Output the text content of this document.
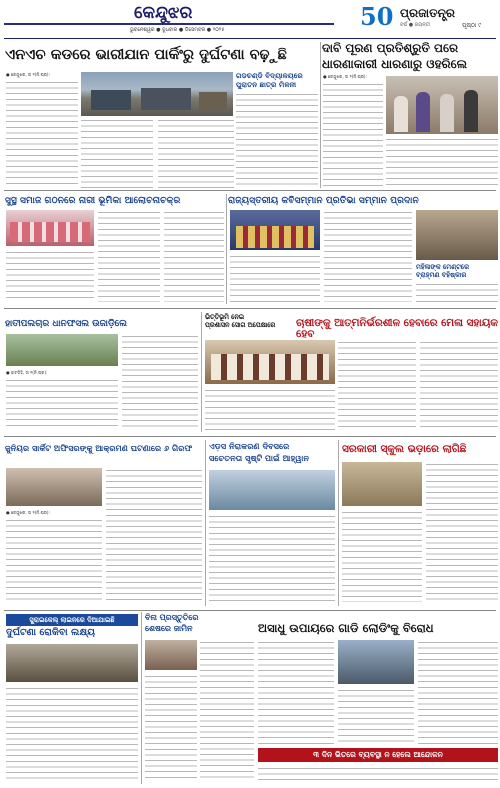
କେନ୍ଦୁଝର
ଭୁବନେଶ୍ୱର ● ବୁଧବାର ● ଡିସେମ୍ବର ● ୨୦୨୫	50 ପ୍ରଜାତନ୍ତ୍ର
ବର୍ଷ ● ଜୟନ୍ତୀ	ପୃଷ୍ଠା ୯
ଏନଏଚ କଡରେ ଭାରୀଯାନ ପାର୍କିଂରୁ ଦୁର୍ଘଟଣା ବଢ଼ୁଛି	ଦାବି ପୂରଣ ପ୍ରତିଶ୍ରୁତି ପରେ
ଧାରଣାକାରୀ ଧାରଣାରୁ ଓହରିଲେ
● କେନ୍ଦୁଝର, ତା ୨(ନି.ପ୍ର):	ଗଡଚଣ୍ଡି ବିଦ୍ୟାଳୟରେ
ପୁରାତନ ଛାତ୍ର ମିଳନୀ
● କେନ୍ଦୁଝର, ତା ୨(ନି.ପ୍ର):
ସୁସ୍ଥ ସମାଜ ଗଠନରେ ନାରୀ ଭୂମିକା ଆଲୋଚନାଚକ୍ର	ରାଜ୍ୟସ୍ତରୀୟ କବିସମ୍ମାନ ପ୍ରତିଭା ସମ୍ମାନ ପ୍ରଦାନ
ମହିଳାଙ୍କ ମେଣ୍ଟରେ
ବ୍ରାହ୍ମଣ ବହିଷ୍କାର
ହାତୀପଲଚାର ଧାନଫସଲ ଉଜାଡ଼ିଲେ
● ହାଟଡିହି, ତା ୨(ନି.ପ୍ର):
ଭିତ୍ତିଭୂମି ନେଇ
ପ୍ରଶାସନ ସୋଗ ଅପେକ୍ଷାରେ	ଚାଷୀଙ୍କୁ ଆତ୍ମନିର୍ଭରଶୀଳ ହେବାରେ ମେଳା ସହାୟକ ହେବ
ଜୁନିୟର ସାର୍କିଟ ଅଫିସରଙ୍କୁ ଆକ୍ରମଣ ଘଟଣାରେ ୬ ଗିରଫ
● କେନ୍ଦୁଝର, ତା ୨(ନି.ପ୍ର):
ଏଡ଼ସ ନିରାକରଣ ଦିବସରେ
ସଚେତନତା ସୃଷ୍ଟି ପାଇଁ ଆହ୍ୱାନ
ସରକାରୀ ସ୍କୁଲ ଭଡ଼ାରେ ଲାଗିଛି
ସ୍ପ୍ରାଇକେଲ୍ ଲାଇନରେ ଦିଆଯାଇଛି
ଦୁର୍ଘଟଣା ରୋକିବା ଲକ୍ଷ୍ୟ
ବିନା ପ୍ରସ୍ତୁତିରେ
ଶେଷରେ ଜାମିନ	ଅସାଧୁ ଉପାୟରେ ଗାଡି ଲୋଡିଂକୁ ବିରୋଧ
୩ ଦିନ ଭିତରେ ବ୍ୟବସ୍ଥା ନ ହେଲେ ଆନ୍ଦୋଳନ
